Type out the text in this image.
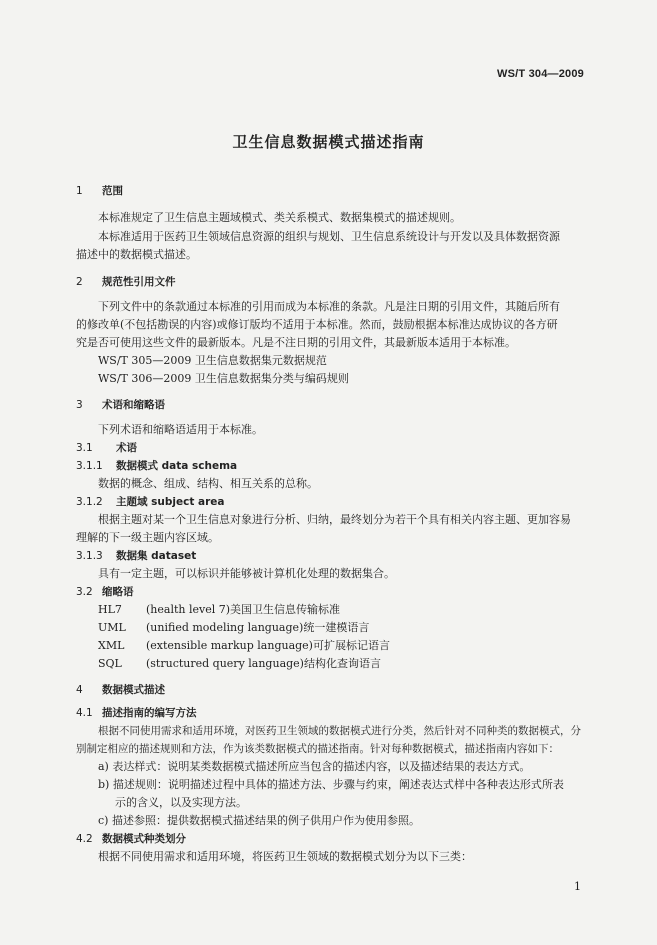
WS/T 304—2009
卫生信息数据模式描述指南
1 范围
本标准规定了卫生信息主题域模式、类关系模式、数据集模式的描述规则。
本标准适用于医药卫生领域信息资源的组织与规划、卫生信息系统设计与开发以及具体数据资源
描述中的数据模式描述。
2 规范性引用文件
下列文件中的条款通过本标准的引用而成为本标准的条款。凡是注日期的引用文件，其随后所有
的修改单(不包括勘误的内容)或修订版均不适用于本标准。然而，鼓励根据本标准达成协议的各方研
究是否可使用这些文件的最新版本。凡是不注日期的引用文件，其最新版本适用于本标准。
WS/T 305—2009 卫生信息数据集元数据规范
WS/T 306—2009 卫生信息数据集分类与编码规则
3 术语和缩略语
下列术语和缩略语适用于本标准。
3.1 术语
3.1.1 数据模式 data schema
数据的概念、组成、结构、相互关系的总称。
3.1.2 主题域 subject area
根据主题对某一个卫生信息对象进行分析、归纳，最终划分为若干个具有相关内容主题、更加容易
理解的下一级主题内容区域。
3.1.3 数据集 dataset
具有一定主题，可以标识并能够被计算机化处理的数据集合。
3.2 缩略语
HL7 (health level 7)美国卫生信息传输标准
UML (unified modeling language)统一建模语言
XML (extensible markup language)可扩展标记语言
SQL (structured query language)结构化查询语言
4 数据模式描述
4.1 描述指南的编写方法
根据不同使用需求和适用环境，对医药卫生领域的数据模式进行分类，然后针对不同种类的数据模式，分
别制定相应的描述规则和方法，作为该类数据模式的描述指南。针对每种数据模式，描述指南内容如下：
a) 表达样式：说明某类数据模式描述所应当包含的描述内容，以及描述结果的表达方式。
b) 描述规则：说明描述过程中具体的描述方法、步骤与约束，阐述表达式样中各种表达形式所表
示的含义，以及实现方法。
c) 描述参照：提供数据模式描述结果的例子供用户作为使用参照。
4.2 数据模式种类划分
根据不同使用需求和适用环境，将医药卫生领域的数据模式划分为以下三类：
1
